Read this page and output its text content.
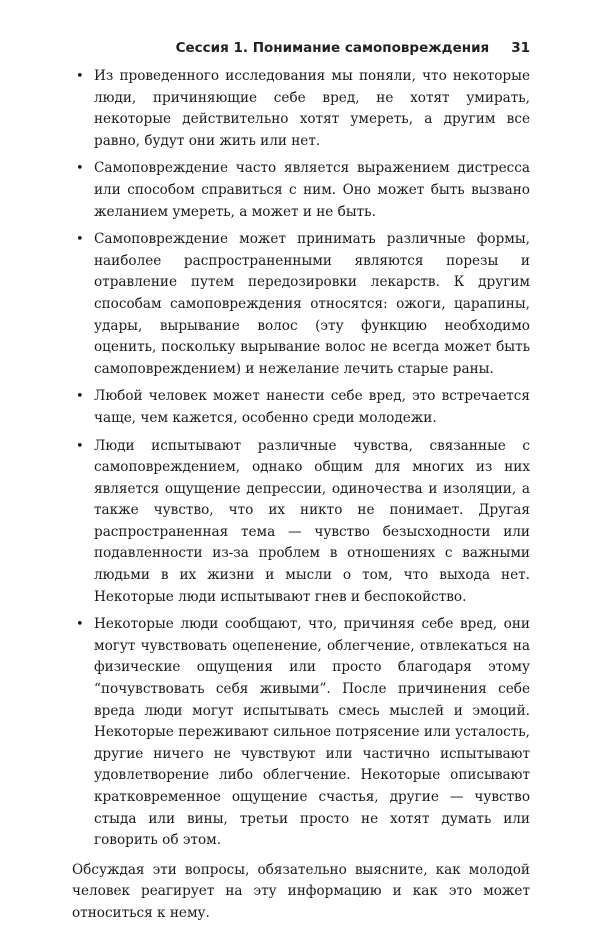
Сессия 1. Понимание самоповреждения 31
• Из проведенного исследования мы поняли, что некоторые люди, причиняющие себе вред, не хотят умирать, некоторые действительно хотят умереть, а другим все равно, будут они жить или нет.
• Самоповреждение часто является выражением дистресса или способом справиться с ним. Оно может быть вызвано желанием умереть, а может и не быть.
• Самоповреждение может принимать различные формы, наиболее распространенными являются порезы и отравление путем передозировки лекарств. К другим способам самоповреждения относятся: ожоги, царапины, удары, вырывание волос (эту функцию необходимо оценить, поскольку вырывание волос не всегда может быть самоповреждением) и нежелание лечить старые раны.
• Любой человек может нанести себе вред, это встречается чаще, чем кажется, особенно среди молодежи.
• Люди испытывают различные чувства, связанные с самоповреждением, однако общим для многих из них является ощущение депрессии, одиночества и изоляции, а также чувство, что их никто не понимает. Другая распространенная тема — чувство безысходности или подавленности из-за проблем в отношениях с важными людьми в их жизни и мысли о том, что выхода нет. Некоторые люди испытывают гнев и беспокойство.
• Некоторые люди сообщают, что, причиняя себе вред, они могут чувствовать оцепенение, облегчение, отвлекаться на физические ощущения или просто благодаря этому “почувствовать себя живыми”. После причинения себе вреда люди могут испытывать смесь мыслей и эмоций. Некоторые переживают сильное потрясение или усталость, другие ничего не чувствуют или частично испытывают удовлетворение либо облегчение. Некоторые описывают кратковременное ощущение счастья, другие — чувство стыда или вины, третьи просто не хотят думать или говорить об этом.

Обсуждая эти вопросы, обязательно выясните, как молодой человек реагирует на эту информацию и как это может относиться к нему.
